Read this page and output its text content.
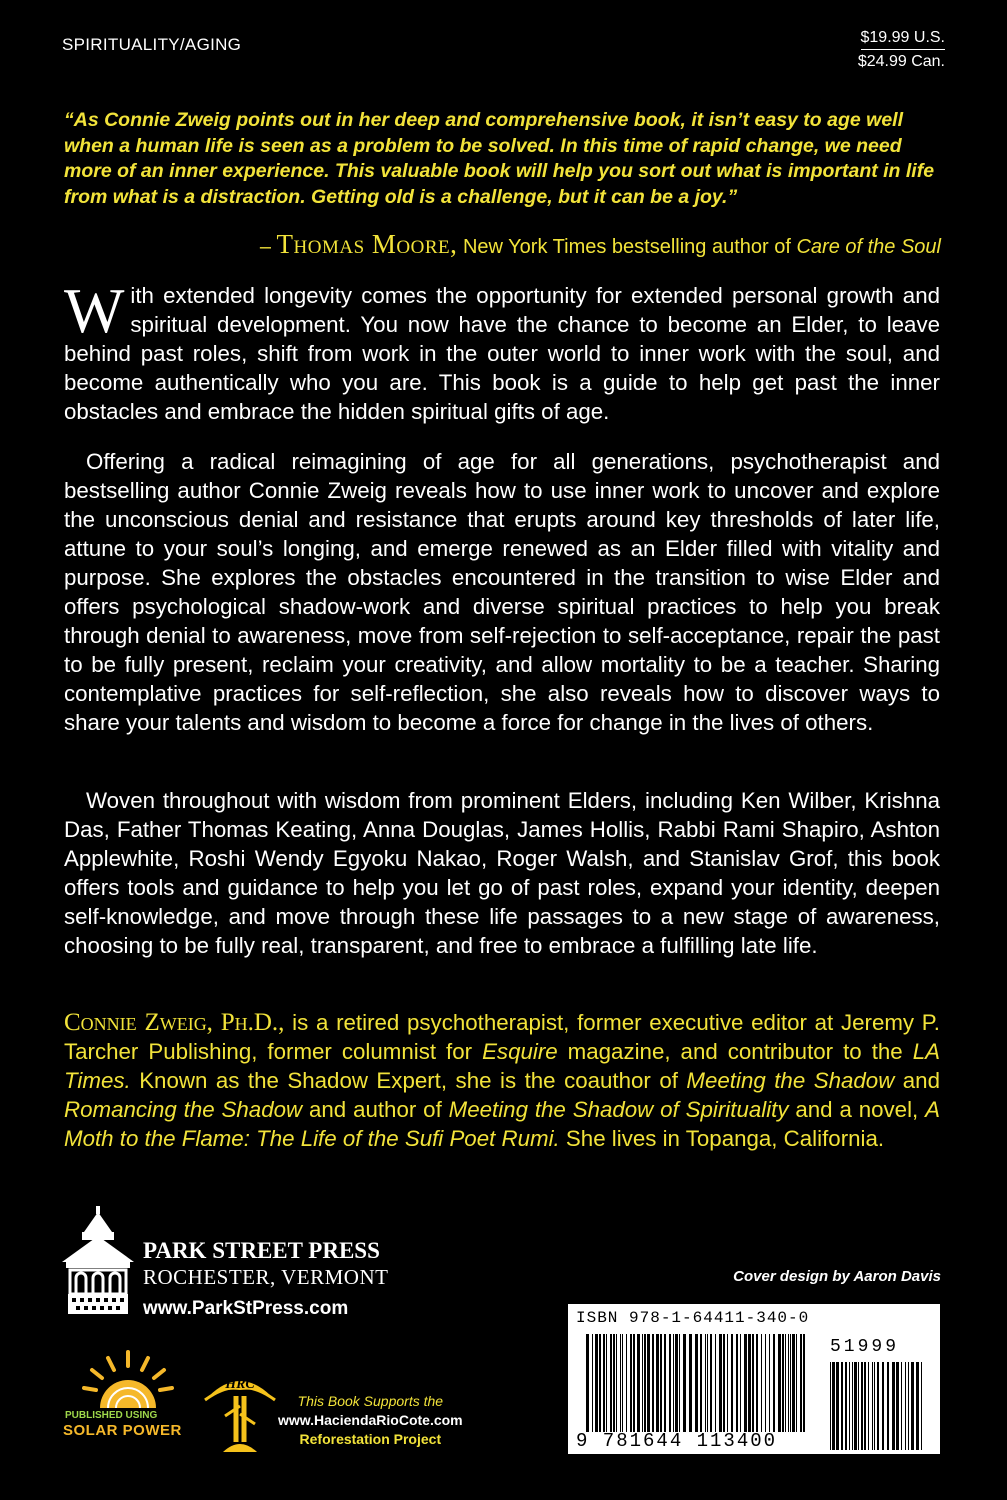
SPIRITUALITY/AGING	$19.99 U.S.
$24.99 Can.
“As Connie Zweig points out in her deep and comprehensive book, it isn’t easy to age well when a human life is seen as a problem to be solved. In this time of rapid change, we need more of an inner experience. This valuable book will help you sort out what is important in life from what is a distraction. Getting old is a challenge, but it can be a joy.”
– Thomas Moore, New York Times bestselling author of Care of the Soul
With extended longevity comes the opportunity for extended personal growth and spiritual development. You now have the chance to become an Elder, to leave behind past roles, shift from work in the outer world to inner work with the soul, and become authentically who you are. This book is a guide to help get past the inner obstacles and embrace the hidden spiritual gifts of age.
Offering a radical reimagining of age for all generations, psychotherapist and bestselling author Connie Zweig reveals how to use inner work to uncover and explore the unconscious denial and resistance that erupts around key thresholds of later life, attune to your soul’s longing, and emerge renewed as an Elder filled with vitality and purpose. She explores the obstacles encountered in the transition to wise Elder and offers psychological shadow-work and diverse spiritual practices to help you break through denial to awareness, move from self-rejection to self-acceptance, repair the past to be fully present, reclaim your creativity, and allow mortality to be a teacher. Sharing contemplative practices for self-reflection, she also reveals how to discover ways to share your talents and wisdom to become a force for change in the lives of others.
Woven throughout with wisdom from prominent Elders, including Ken Wilber, Krishna Das, Father Thomas Keating, Anna Douglas, James Hollis, Rabbi Rami Shapiro, Ashton Applewhite, Roshi Wendy Egyoku Nakao, Roger Walsh, and Stanislav Grof, this book offers tools and guidance to help you let go of past roles, expand your identity, deepen self-knowledge, and move through these life passages to a new stage of awareness, choosing to be fully real, transparent, and free to embrace a fulfilling late life.
Connie Zweig, Ph.D., is a retired psychotherapist, former executive editor at Jeremy P. Tarcher Publishing, former columnist for Esquire magazine, and contributor to the LA Times. Known as the Shadow Expert, she is the coauthor of Meeting the Shadow and Romancing the Shadow and author of Meeting the Shadow of Spirituality and a novel, A Moth to the Flame: The Life of the Sufi Poet Rumi. She lives in Topanga, California.
PARK STREET PRESS
ROCHESTER, VERMONT
www.ParkStPress.com
Cover design by Aaron Davis
ISBN 978-1-64411-340-0
51999
9 781644 113400
PUBLISHED USING
SOLAR POWER
HRC
This Book Supports the
www.HaciendaRioCote.com
Reforestation Project
